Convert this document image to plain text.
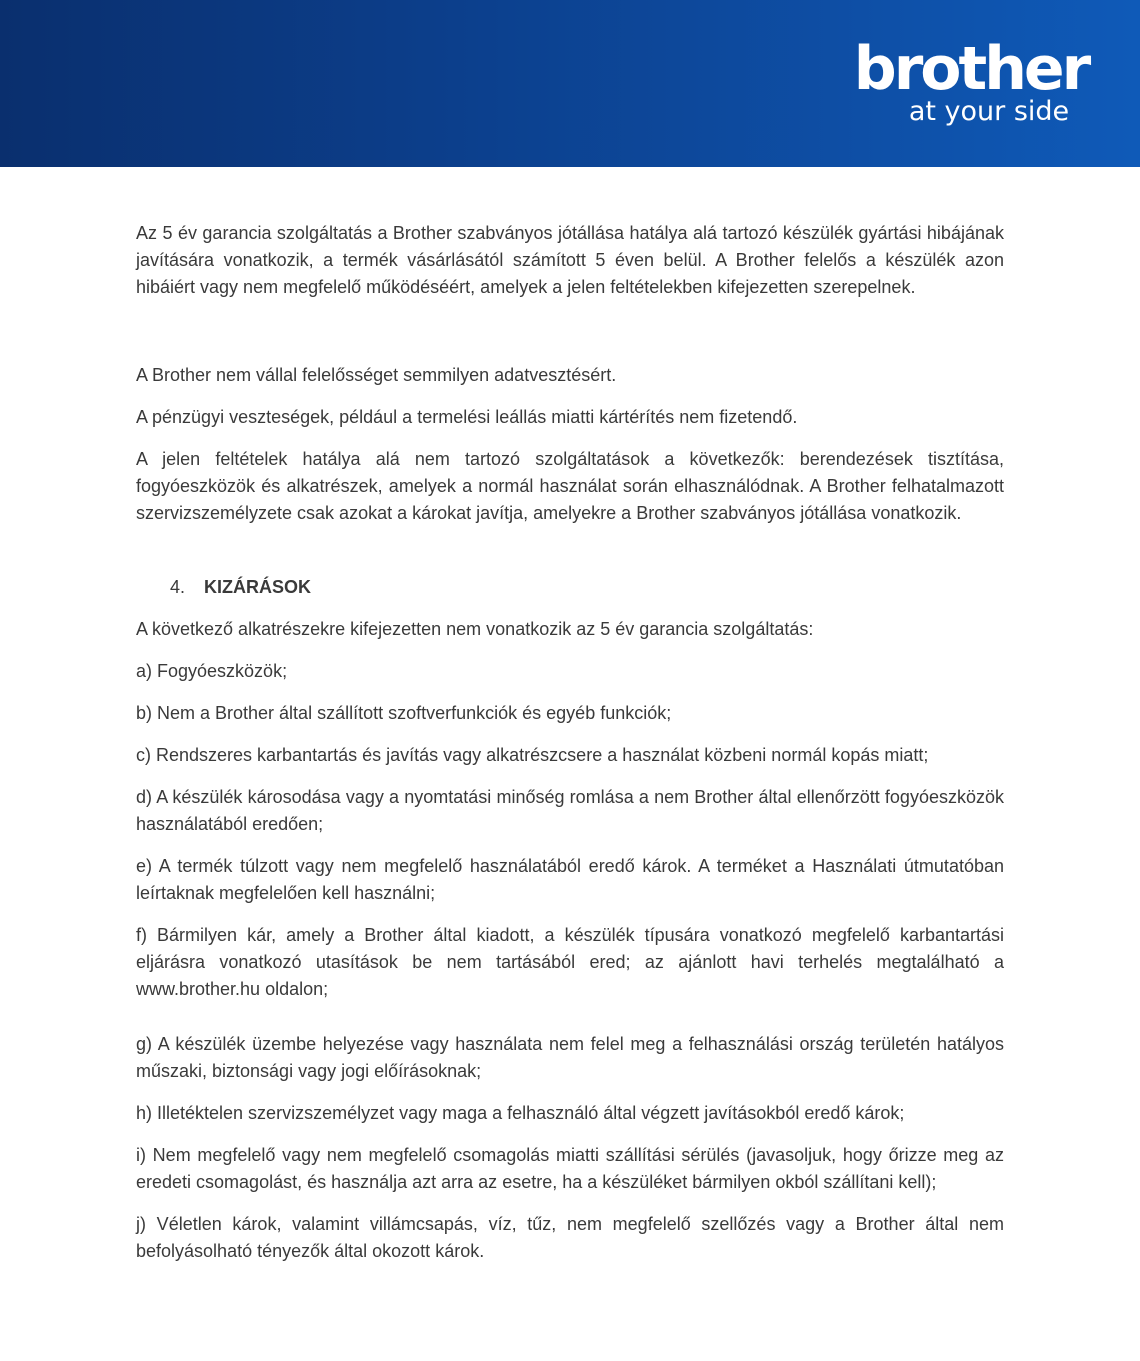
brother
at your side

Az 5 év garancia szolgáltatás a Brother szabványos jótállása hatálya alá tartozó készülék gyártási hibájának javítására vonatkozik, a termék vásárlásától számított 5 éven belül. A Brother felelős a készülék azon hibáiért vagy nem megfelelő működéséért, amelyek a jelen feltételekben kifejezetten szerepelnek.

A Brother nem vállal felelősséget semmilyen adatvesztésért.

A pénzügyi veszteségek, például a termelési leállás miatti kártérítés nem fizetendő.

A jelen feltételek hatálya alá nem tartozó szolgáltatások a következők: berendezések tisztítása, fogyóeszközök és alkatrészek, amelyek a normál használat során elhasználódnak. A Brother felhatalmazott szervizszemélyzete csak azokat a károkat javítja, amelyekre a Brother szabványos jótállása vonatkozik.

4. KIZÁRÁSOK

A következő alkatrészekre kifejezetten nem vonatkozik az 5 év garancia szolgáltatás:

a) Fogyóeszközök;

b) Nem a Brother által szállított szoftverfunkciók és egyéb funkciók;

c) Rendszeres karbantartás és javítás vagy alkatrészcsere a használat közbeni normál kopás miatt;

d) A készülék károsodása vagy a nyomtatási minőség romlása a nem Brother által ellenőrzött fogyóeszközök használatából eredően;

e) A termék túlzott vagy nem megfelelő használatából eredő károk. A terméket a Használati útmutatóban leírtaknak megfelelően kell használni;

f) Bármilyen kár, amely a Brother által kiadott, a készülék típusára vonatkozó megfelelő karbantartási eljárásra vonatkozó utasítások be nem tartásából ered; az ajánlott havi terhelés megtalálható a www.brother.hu oldalon;

g) A készülék üzembe helyezése vagy használata nem felel meg a felhasználási ország területén hatályos műszaki, biztonsági vagy jogi előírásoknak;

h) Illetéktelen szervizszemélyzet vagy maga a felhasználó által végzett javításokból eredő károk;

i) Nem megfelelő vagy nem megfelelő csomagolás miatti szállítási sérülés (javasoljuk, hogy őrizze meg az eredeti csomagolást, és használja azt arra az esetre, ha a készüléket bármilyen okból szállítani kell);

j) Véletlen károk, valamint villámcsapás, víz, tűz, nem megfelelő szellőzés vagy a Brother által nem befolyásolható tényezők által okozott károk.
